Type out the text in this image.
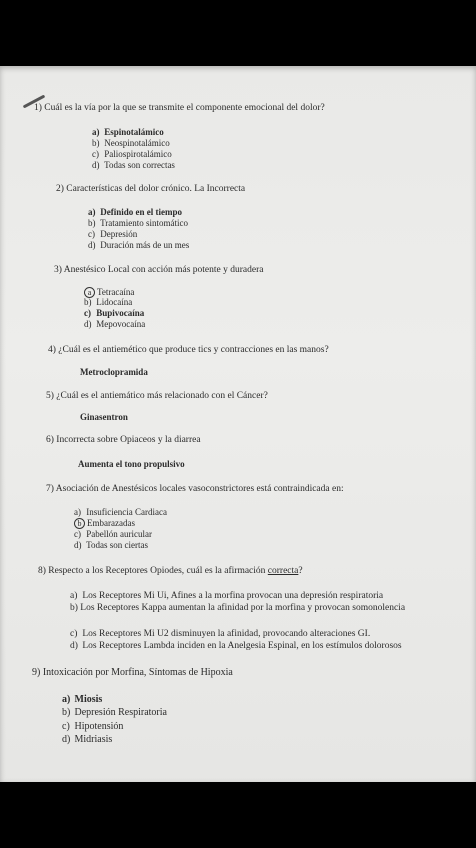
1) Cuál es la vía por la que se transmite el componente emocional del dolor?
a) Espinotalámico
b) Neospinotalámico
c) Paliospirotalámico
d) Todas son correctas
2) Características del dolor crónico. La Incorrecta
a) Definido en el tiempo
b) Tratamiento sintomático
c) Depresión
d) Duración más de un mes
3) Anestésico Local con acción más potente y duradera
a Tetracaína
b) Lidocaína
c) Bupivocaína
d) Mepovocaína
4) ¿Cuál es el antiemético que produce tics y contracciones en las manos?
Metroclopramida
5) ¿Cuál es el antiemático más relacionado con el Cáncer?
Ginasentron
6) Incorrecta sobre Opiaceos y la diarrea
Aumenta el tono propulsivo
7) Asociación de Anestésicos locales vasoconstrictores está contraindicada en:
a) Insuficiencia Cardiaca
b Embarazadas
c) Pabellón auricular
d) Todas son ciertas
8) Respecto a los Receptores Opiodes, cuál es la afirmación correcta?
a) Los Receptores Mi Ui, Afines a la morfina provocan una depresión respiratoria
b) Los Receptores Kappa aumentan la afinidad por la morfina y provocan somonolencia
c) Los Receptores Mi U2 disminuyen la afinidad, provocando alteraciones GI.
d) Los Receptores Lambda inciden en la Anelgesia Espinal, en los estímulos dolorosos
9) Intoxicación por Morfina, Síntomas de Hipoxia
a) Miosis
b) Depresión Respiratoria
c) Hipotensión
d) Midriasis
